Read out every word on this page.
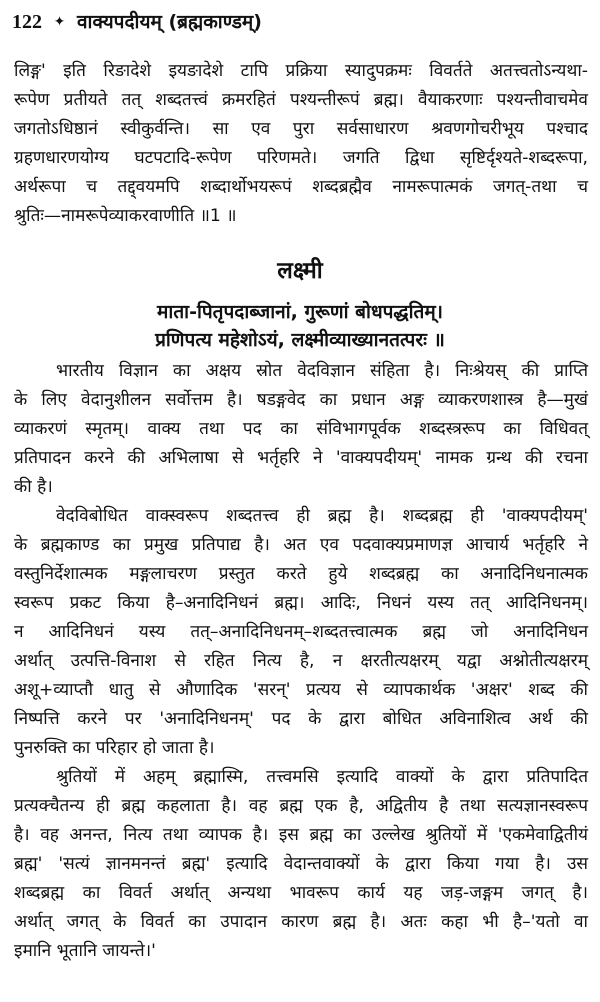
122 ✦ वाक्यपदीयम् (ब्रह्मकाण्डम्)
लिङ्ग' इति रिङादेशे इयङादेशे टापि प्रक्रिया स्यादुपक्रमः विवर्तते अतत्त्वतोऽन्यथा-
रूपेण प्रतीयते तत् शब्दतत्त्वं क्रमरहितं पश्यन्तीरूपं ब्रह्म। वैयाकरणाः पश्यन्तीवाचमेव
जगतोऽधिष्ठानं स्वीकुर्वन्ति। सा एव पुरा सर्वसाधारण श्रवणगोचरीभूय पश्चाद
ग्रहणधारणयोग्य घटपटादि-रूपेण परिणमते। जगति द्विधा सृष्टिर्दृश्यते-शब्दरूपा,
अर्थरूपा च तद्द्वयमपि शब्दार्थोभयरूपं शब्दब्रह्मैव नामरूपात्मकं जगत्-तथा च
श्रुतिः—नामरूपेव्याकरवाणीति ॥1 ॥
लक्ष्मी
माता-पितृपदाब्जानां, गुरूणां बोधपद्धतिम्।
प्रणिपत्य महेशोऽयं, लक्ष्मीव्याख्यानतत्परः ॥
भारतीय विज्ञान का अक्षय स्रोत वेदविज्ञान संहिता है। निःश्रेयस् की प्राप्ति
के लिए वेदानुशीलन सर्वोत्तम है। षडङ्गवेद का प्रधान अङ्ग व्याकरणशास्त्र है—मुखं
व्याकरणं स्मृतम्। वाक्य तथा पद का संविभागपूर्वक शब्दस्त्ररूप का विधिवत्
प्रतिपादन करने की अभिलाषा से भर्तृहरि ने 'वाक्यपदीयम्' नामक ग्रन्थ की रचना
की है।
वेदविबोधित वाक्स्वरूप शब्दतत्त्व ही ब्रह्म है। शब्दब्रह्म ही 'वाक्यपदीयम्'
के ब्रह्मकाण्ड का प्रमुख प्रतिपाद्य है। अत एव पदवाक्यप्रमाणज्ञ आचार्य भर्तृहरि ने
वस्तुनिर्देशात्मक मङ्गलाचरण प्रस्तुत करते हुये शब्दब्रह्म का अनादिनिधनात्मक
स्वरूप प्रकट किया है–अनादिनिधनं ब्रह्म। आदिः, निधनं यस्य तत् आदिनिधनम्।
न आदिनिधनं यस्य तत्–अनादिनिधनम्–शब्दतत्त्वात्मक ब्रह्म जो अनादिनिधन
अर्थात् उत्पत्ति-विनाश से रहित नित्य है, न क्षरतीत्यक्षरम् यद्वा अश्नोतीत्यक्षरम्
अशू+व्याप्तौ धातु से औणादिक 'सरन्' प्रत्यय से व्यापकार्थक 'अक्षर' शब्द की
निष्पत्ति करने पर 'अनादिनिधनम्' पद के द्वारा बोधित अविनाशित्व अर्थ की
पुनरुक्ति का परिहार हो जाता है।
श्रुतियों में अहम् ब्रह्मास्मि, तत्त्वमसि इत्यादि वाक्यों के द्वारा प्रतिपादित
प्रत्यक्चैतन्य ही ब्रह्म कहलाता है। वह ब्रह्म एक है, अद्वितीय है तथा सत्यज्ञानस्वरूप
है। वह अनन्त, नित्य तथा व्यापक है। इस ब्रह्म का उल्लेख श्रुतियों में 'एकमेवाद्वितीयं
ब्रह्म' 'सत्यं ज्ञानमनन्तं ब्रह्म' इत्यादि वेदान्तवाक्यों के द्वारा किया गया है। उस
शब्दब्रह्म का विवर्त अर्थात् अन्यथा भावरूप कार्य यह जड़-जङ्गम जगत् है।
अर्थात् जगत् के विवर्त का उपादान कारण ब्रह्म है। अतः कहा भी है–'यतो वा
इमानि भूतानि जायन्ते।'
